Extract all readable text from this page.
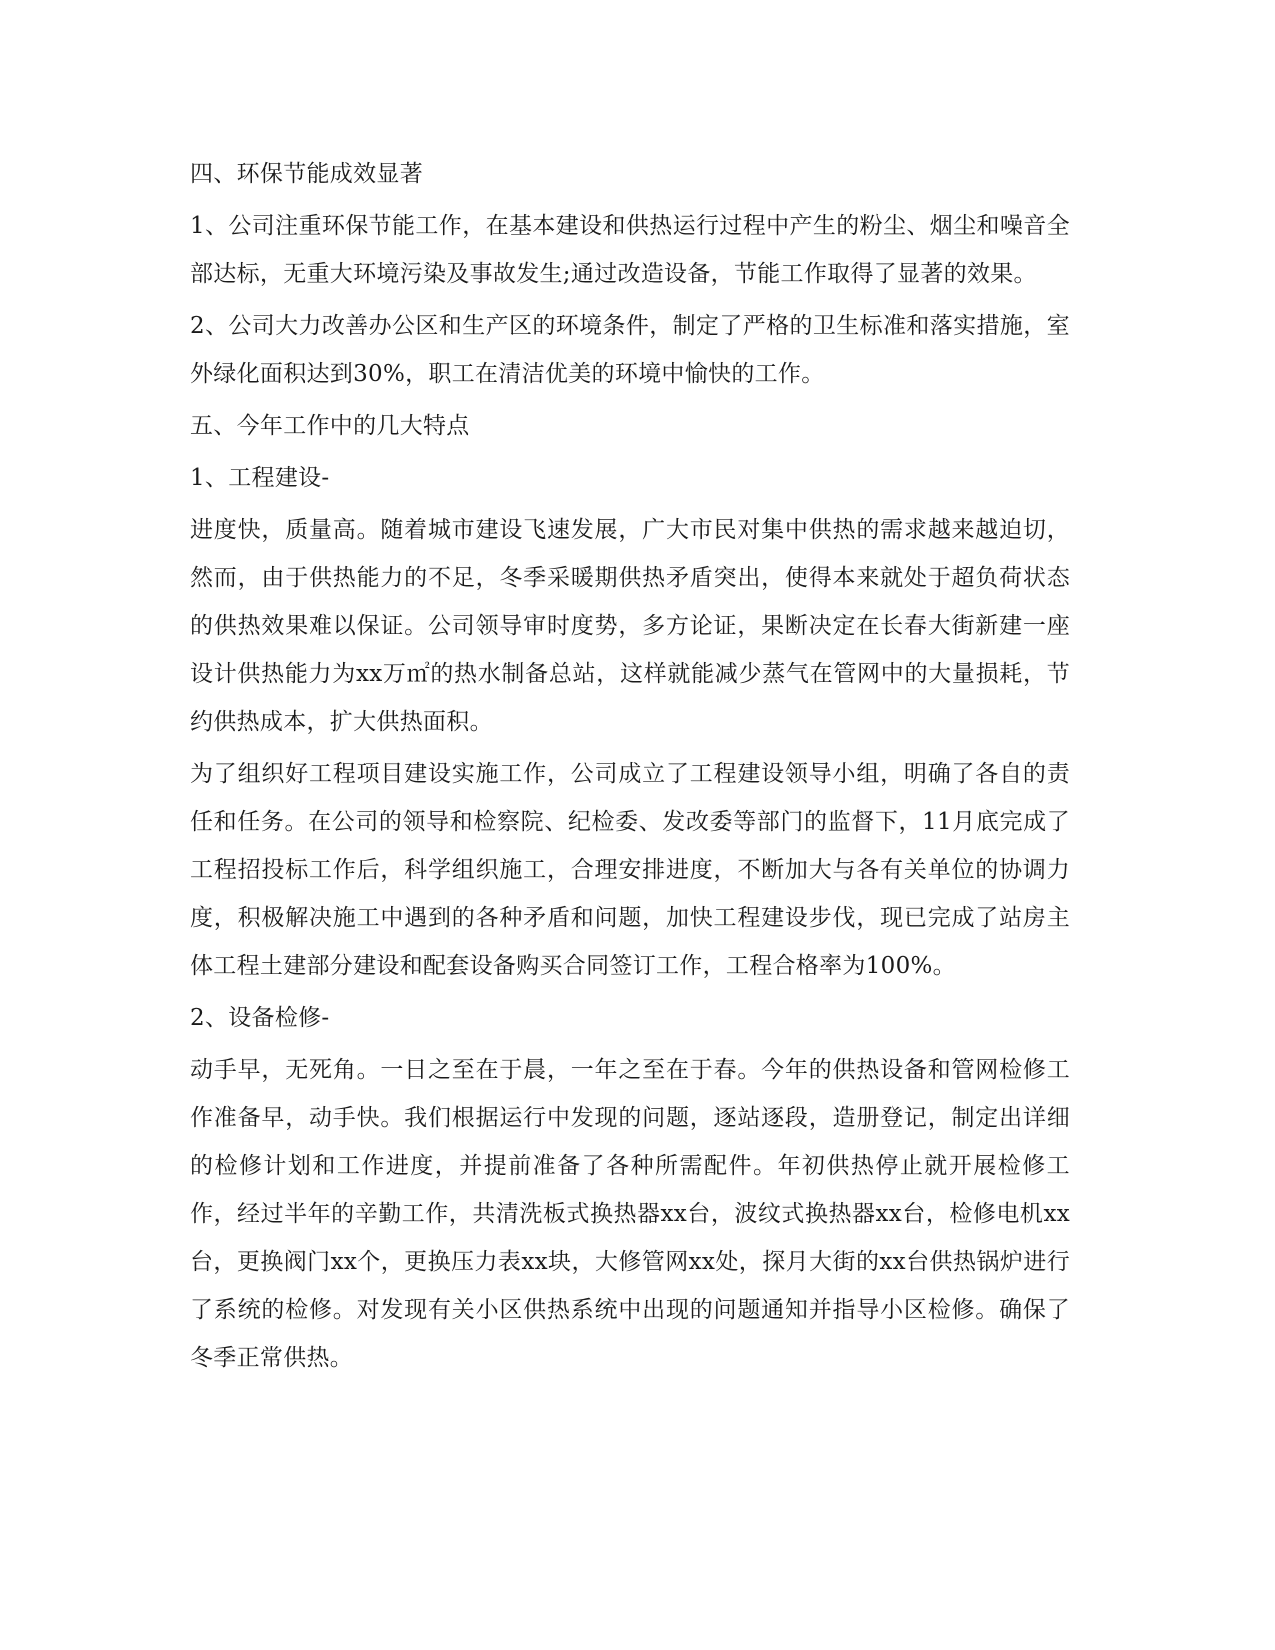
四、环保节能成效显著

1、公司注重环保节能工作，在基本建设和供热运行过程中产生的粉尘、烟尘和噪音全部达标，无重大环境污染及事故发生;通过改造设备，节能工作取得了显著的效果。

2、公司大力改善办公区和生产区的环境条件，制定了严格的卫生标准和落实措施，室外绿化面积达到30%，职工在清洁优美的环境中愉快的工作。

五、今年工作中的几大特点

1、工程建设-

进度快，质量高。随着城市建设飞速发展，广大市民对集中供热的需求越来越迫切，然而，由于供热能力的不足，冬季采暖期供热矛盾突出，使得本来就处于超负荷状态的供热效果难以保证。公司领导审时度势，多方论证，果断决定在长春大街新建一座设计供热能力为xx万㎡的热水制备总站，这样就能减少蒸气在管网中的大量损耗，节约供热成本，扩大供热面积。

为了组织好工程项目建设实施工作，公司成立了工程建设领导小组，明确了各自的责任和任务。在公司的领导和检察院、纪检委、发改委等部门的监督下，11月底完成了工程招投标工作后，科学组织施工，合理安排进度，不断加大与各有关单位的协调力度，积极解决施工中遇到的各种矛盾和问题，加快工程建设步伐，现已完成了站房主体工程土建部分建设和配套设备购买合同签订工作，工程合格率为100%。

2、设备检修-

动手早，无死角。一日之至在于晨，一年之至在于春。今年的供热设备和管网检修工作准备早，动手快。我们根据运行中发现的问题，逐站逐段，造册登记，制定出详细的检修计划和工作进度，并提前准备了各种所需配件。年初供热停止就开展检修工作，经过半年的辛勤工作，共清洗板式换热器xx台，波纹式换热器xx台，检修电机xx台，更换阀门xx个，更换压力表xx块，大修管网xx处，探月大街的xx台供热锅炉进行了系统的检修。对发现有关小区供热系统中出现的问题通知并指导小区检修。确保了冬季正常供热。
